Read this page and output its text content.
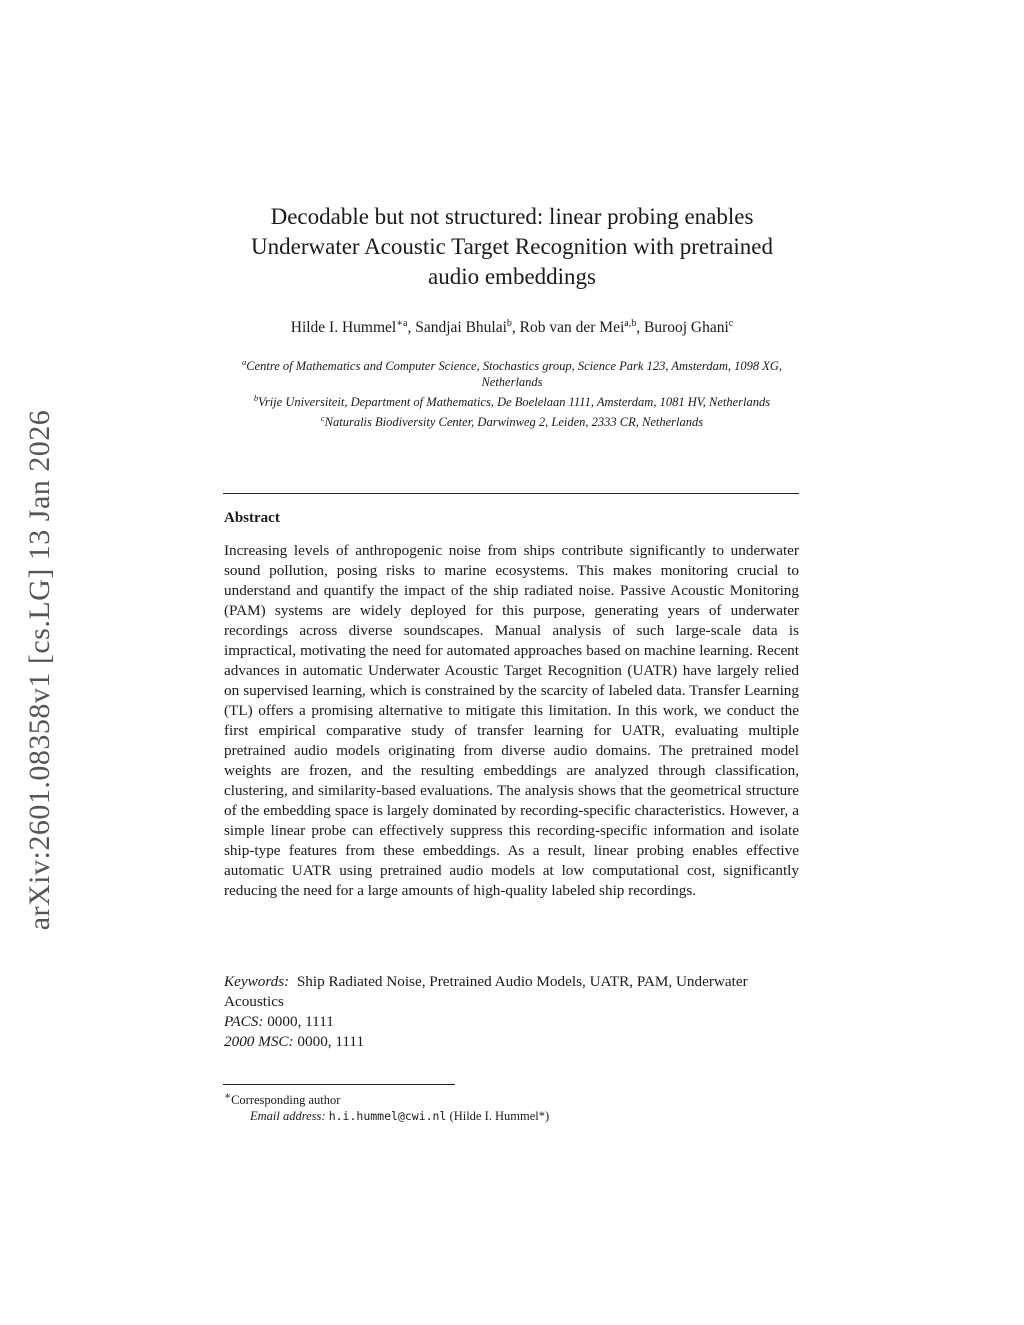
arXiv:2601.08358v1 [cs.LG] 13 Jan 2026
Decodable but not structured: linear probing enables
Underwater Acoustic Target Recognition with pretrained
audio embeddings
Hilde I. Hummel$^{∗a}$, Sandjai Bhulai$^b$, Rob van der Mei$^{a,b}$, Burooj Ghani$^c$
$^a$Centre of Mathematics and Computer Science, Stochastics group, Science Park 123, Amsterdam, 1098 XG, Netherlands
$^b$Vrije Universiteit, Department of Mathematics, De Boelelaan 1111, Amsterdam, 1081 HV, Netherlands
$^c$Naturalis Biodiversity Center, Darwinweg 2, Leiden, 2333 CR, Netherlands
Abstract

Increasing levels of anthropogenic noise from ships contribute significantly to underwater sound pollution, posing risks to marine ecosystems. This makes monitoring crucial to understand and quantify the impact of the ship radiated noise. Passive Acoustic Monitoring (PAM) systems are widely deployed for this purpose, generating years of underwater recordings across diverse soundscapes. Manual analysis of such large-scale data is impractical, motivating the need for automated approaches based on machine learning. Recent advances in automatic Underwater Acoustic Target Recognition (UATR) have largely relied on supervised learning, which is constrained by the scarcity of labeled data. Transfer Learning (TL) offers a promising alternative to mitigate this limitation. In this work, we conduct the first empirical comparative study of transfer learning for UATR, evaluating multiple pretrained audio models originating from diverse audio domains. The pretrained model weights are frozen, and the resulting embeddings are analyzed through classification, clustering, and similarity-based evaluations. The analysis shows that the geometrical structure of the embedding space is largely dominated by recording-specific characteristics. However, a simple linear probe can effectively suppress this recording-specific information and isolate ship-type features from these embeddings. As a result, linear probing enables effective automatic UATR using pretrained audio models at low computational cost, significantly reducing the need for a large amounts of high-quality labeled ship recordings.

Keywords: Ship Radiated Noise, Pretrained Audio Models, UATR, PAM, Underwater Acoustics
PACS: 0000, 1111
2000 MSC: 0000, 1111
∗Corresponding author
Email address: h.i.hummel@cwi.nl (Hilde I. Hummel*)
